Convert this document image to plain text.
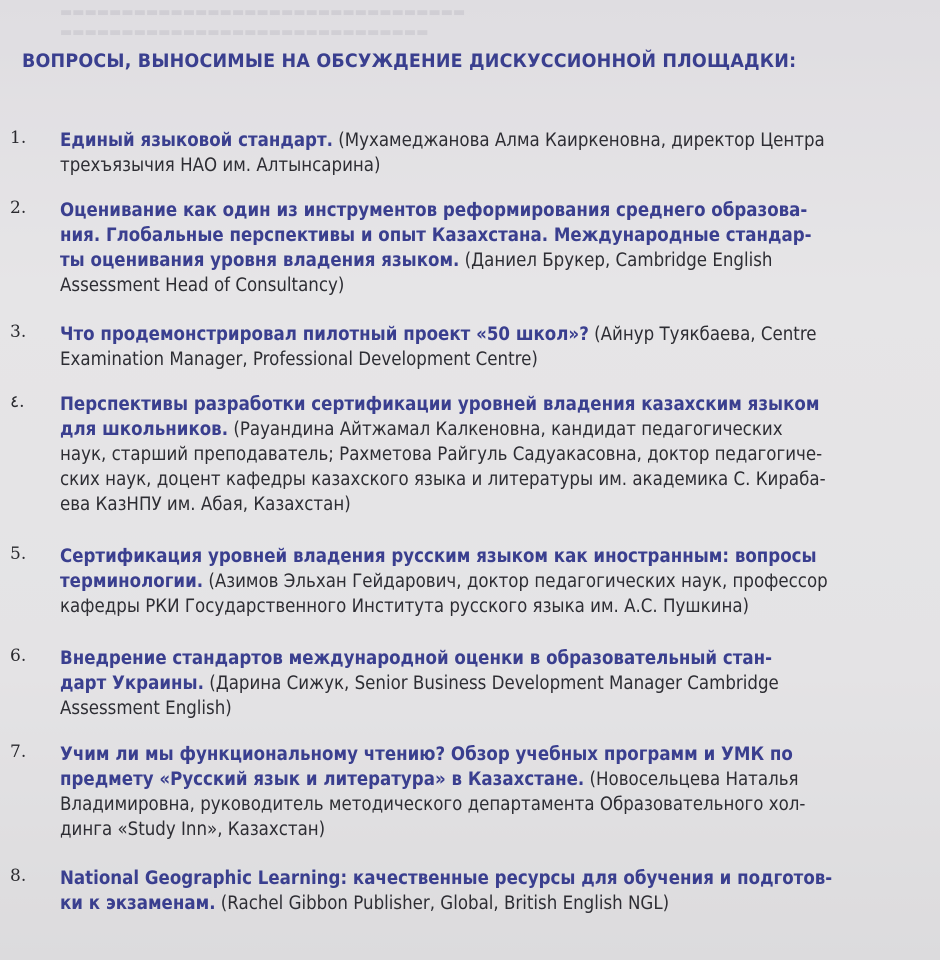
▬▬▬▬▬▬▬▬▬▬▬▬▬▬▬▬▬▬▬▬▬▬▬▬▬▬▬▬▬▬▬▬▬
▬▬▬▬▬▬▬▬▬▬▬▬▬▬▬▬▬▬▬▬▬▬▬▬▬▬▬▬▬▬
ВОПРОСЫ, ВЫНОСИМЫЕ НА ОБСУЖДЕНИЕ ДИСКУССИОННОЙ ПЛОЩАДКИ:
1.	Единый языковой стандарт. (Мухамеджанова Алма Каиркеновна, директор Центра
трехъязычия НАО им. Алтынсарина)
2.	Оценивание как один из инструментов реформирования среднего образова-
ния. Глобальные перспективы и опыт Казахстана. Международные стандар-
ты оценивания уровня владения языком. (Даниел Брукер, Cambridge English
Assessment Head of Consultancy)
3.	Что продемонстрировал пилотный проект «50 школ»? (Айнур Туякбаева, Centre
Examination Manager, Professional Development Centre)
٤.	Перспективы разработки сертификации уровней владения казахским языком
для школьников. (Рауандина Айтжамал Калкеновна, кандидат педагогических
наук, старший преподаватель; Рахметова Райгуль Садуакасовна, доктор педагогиче-
ских наук, доцент кафедры казахского языка и литературы им. академика С. Кираба-
ева КазНПУ им. Абая, Казахстан)
5.	Сертификация уровней владения русским языком как иностранным: вопросы
терминологии. (Азимов Эльхан Гейдарович, доктор педагогических наук, профессор
кафедры РКИ Государственного Института русского языка им. А.С. Пушкина)
6.	Внедрение стандартов международной оценки в образовательный стан-
дарт Украины. (Дарина Сижук, Senior Business Development Manager Cambridge
Assessment English)
7.	Учим ли мы функциональному чтению? Обзор учебных программ и УМК по
предмету «Русский язык и литература» в Казахстане. (Новосельцева Наталья
Владимировна, руководитель методического департамента Образовательного хол-
динга «Study Inn», Казахстан)
8.	National Geographic Learning: качественные ресурсы для обучения и подготов-
ки к экзаменам. (Rachel Gibbon Publisher, Global, British English NGL)
